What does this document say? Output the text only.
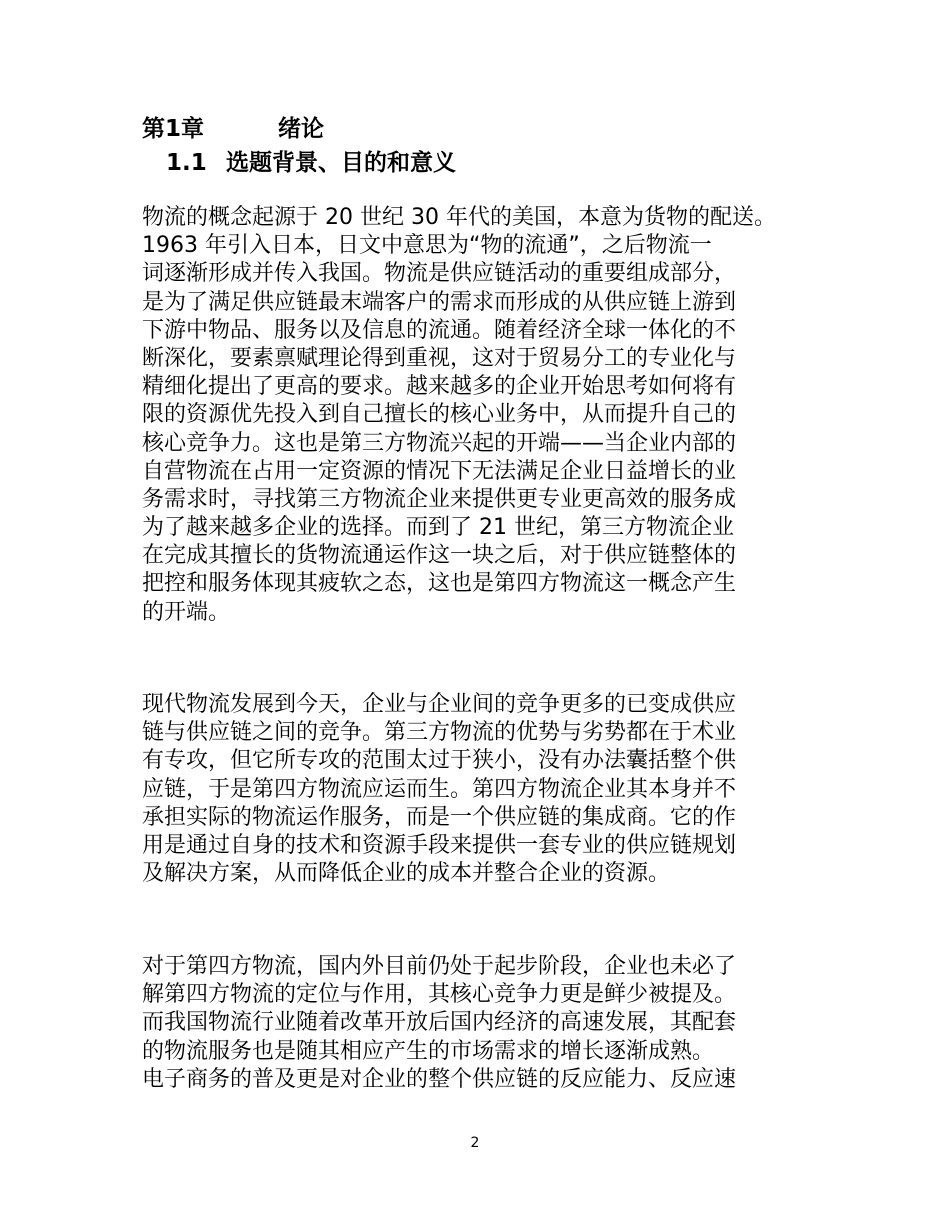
第1章	绪论
1.1 选题背景、目的和意义
物流的概念起源于 20 世纪 30 年代的美国，本意为货物的配送。
1963 年引入日本，日文中意思为“物的流通”，之后物流一
词逐渐形成并传入我国。物流是供应链活动的重要组成部分，
是为了满足供应链最末端客户的需求而形成的从供应链上游到
下游中物品、服务以及信息的流通。随着经济全球一体化的不
断深化，要素禀赋理论得到重视，这对于贸易分工的专业化与
精细化提出了更高的要求。越来越多的企业开始思考如何将有
限的资源优先投入到自己擅长的核心业务中，从而提升自己的
核心竞争力。这也是第三方物流兴起的开端——当企业内部的
自营物流在占用一定资源的情况下无法满足企业日益增长的业
务需求时，寻找第三方物流企业来提供更专业更高效的服务成
为了越来越多企业的选择。而到了 21 世纪，第三方物流企业
在完成其擅长的货物流通运作这一块之后，对于供应链整体的
把控和服务体现其疲软之态，这也是第四方物流这一概念产生
的开端。
现代物流发展到今天，企业与企业间的竞争更多的已变成供应
链与供应链之间的竞争。第三方物流的优势与劣势都在于术业
有专攻，但它所专攻的范围太过于狭小，没有办法囊括整个供
应链，于是第四方物流应运而生。第四方物流企业其本身并不
承担实际的物流运作服务，而是一个供应链的集成商。它的作
用是通过自身的技术和资源手段来提供一套专业的供应链规划
及解决方案，从而降低企业的成本并整合企业的资源。
对于第四方物流，国内外目前仍处于起步阶段，企业也未必了
解第四方物流的定位与作用，其核心竞争力更是鲜少被提及。
而我国物流行业随着改革开放后国内经济的高速发展，其配套
的物流服务也是随其相应产生的市场需求的增长逐渐成熟。
电子商务的普及更是对企业的整个供应链的反应能力、反应速
2
